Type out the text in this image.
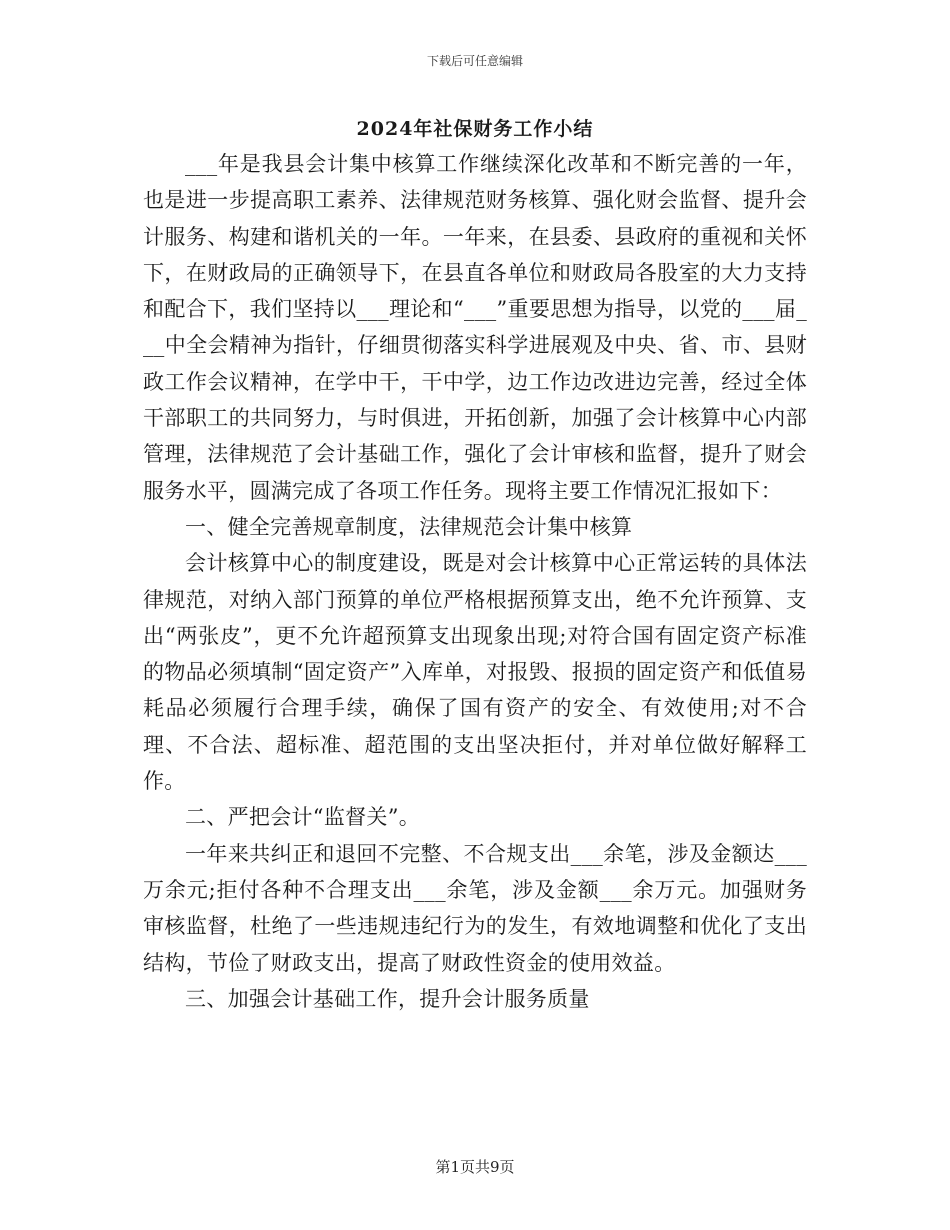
下载后可任意编辑
2024年社保财务工作小结

___年是我县会计集中核算工作继续深化改革和不断完善的一年，也是进一步提高职工素养、法律规范财务核算、强化财会监督、提升会计服务、构建和谐机关的一年。一年来，在县委、县政府的重视和关怀下，在财政局的正确领导下，在县直各单位和财政局各股室的大力支持和配合下，我们坚持以___理论和“___”重要思想为指导，以党的___届___中全会精神为指针，仔细贯彻落实科学进展观及中央、省、市、县财政工作会议精神，在学中干，干中学，边工作边改进边完善，经过全体干部职工的共同努力，与时俱进，开拓创新，加强了会计核算中心内部管理，法律规范了会计基础工作，强化了会计审核和监督，提升了财会服务水平，圆满完成了各项工作任务。现将主要工作情况汇报如下：

一、健全完善规章制度，法律规范会计集中核算

会计核算中心的制度建设，既是对会计核算中心正常运转的具体法律规范，对纳入部门预算的单位严格根据预算支出，绝不允许预算、支出“两张皮”，更不允许超预算支出现象出现;对符合国有固定资产标准的物品必须填制“固定资产”入库单，对报毁、报损的固定资产和低值易耗品必须履行合理手续，确保了国有资产的安全、有效使用;对不合理、不合法、超标准、超范围的支出坚决拒付，并对单位做好解释工作。

二、严把会计“监督关”。

一年来共纠正和退回不完整、不合规支出___余笔，涉及金额达___万余元;拒付各种不合理支出___余笔，涉及金额___余万元。加强财务审核监督，杜绝了一些违规违纪行为的发生，有效地调整和优化了支出结构，节俭了财政支出，提高了财政性资金的使用效益。

三、加强会计基础工作，提升会计服务质量

第1页共9页
